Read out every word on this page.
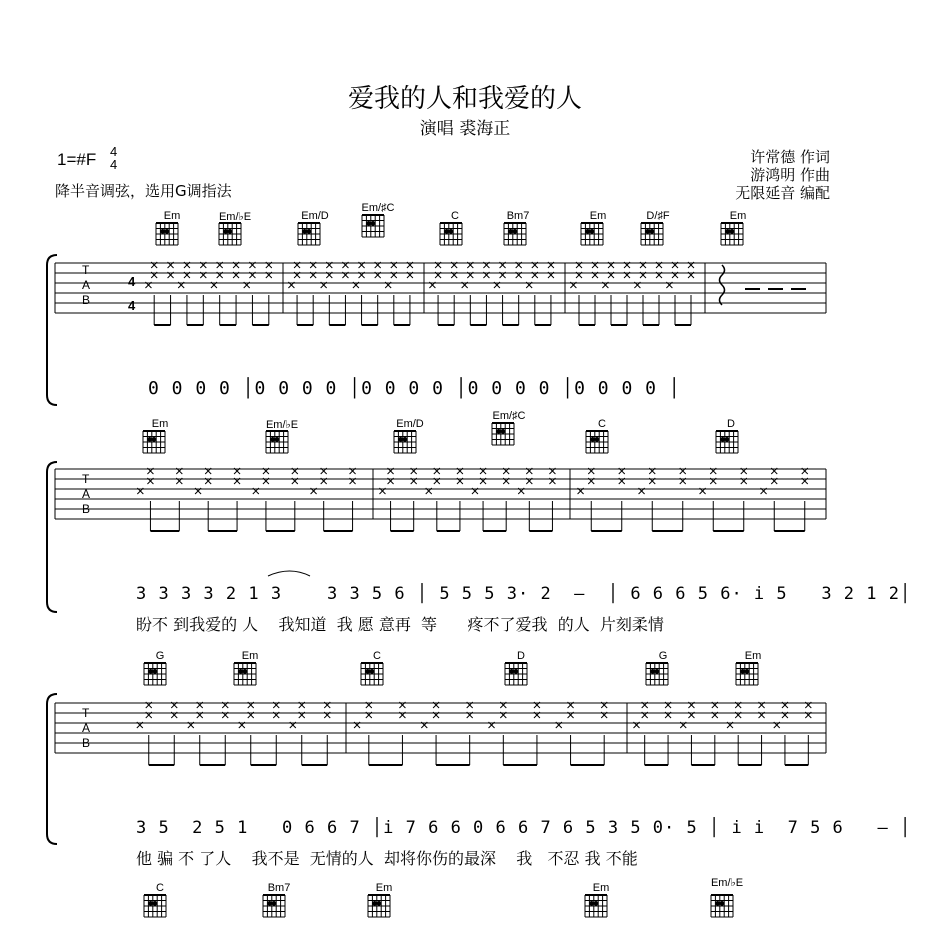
爱我的人和我爱的人
演唱 裘海正
1=#F 4
4
降半音调弦，选用G调指法
许常德 作词
游鸿明 作曲
无限延音 编配
Em	Em/♭E	Em/D
Em/♯C
C	Bm7	Em	D/♯F	Em
Em	Em/♭E	Em/D
Em/♯C
C	D
G	Em	C	D	G	Em
C	Bm7	Em	Em	Em/♭E
T
A
B
4
4
T
A
B
T
A
B
0 0 0 0 │0 0 0 0 │0 0 0 0 │0 0 0 0 │0 0 0 0 │
3 3 3 3 2 1 3    3 3 5 6 │ 5 5 5 3· 2  —  │ 6 6 6 5 6· i 5   3 2 1 2│
盼不 到我爱的 人    我知道  我 愿 意再  等      疼不了爱我  的人  片刻柔情
3 5  2 5 1   0 6 6 7 │i 7 6 6 0 6 6 7 6 5 3 5 0· 5 │ i i  7 5 6   — │
他 骗 不 了人    我不是  无情的人  却将你伤的最深    我   不忍 我 不能
